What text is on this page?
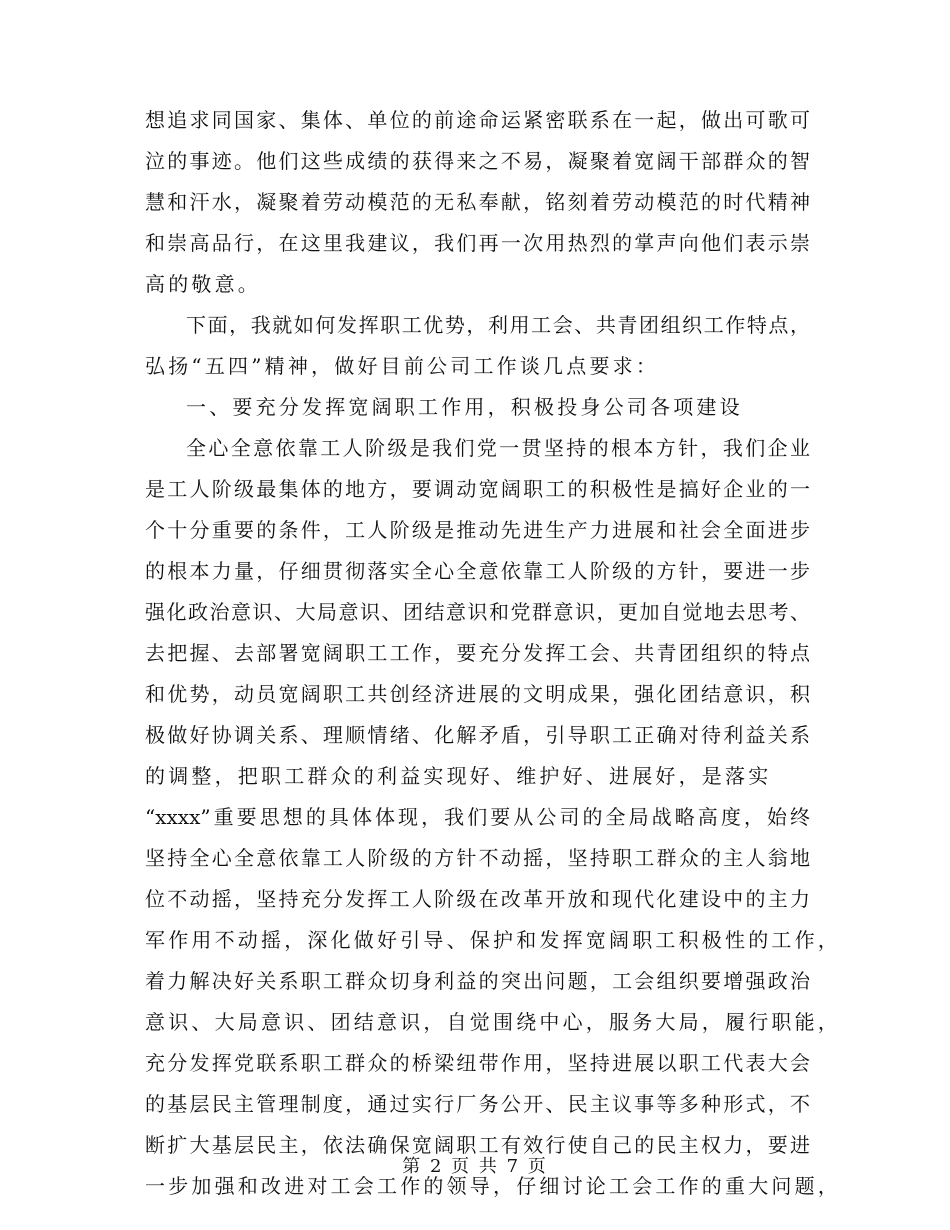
想追求同国家、集体、单位的前途命运紧密联系在一起，做出可歌可
泣的事迹。他们这些成绩的获得来之不易，凝聚着宽阔干部群众的智
慧和汗水，凝聚着劳动模范的无私奉献，铭刻着劳动模范的时代精神
和崇高品行，在这里我建议，我们再一次用热烈的掌声向他们表示崇
高的敬意。
下面，我就如何发挥职工优势，利用工会、共青团组织工作特点，
弘扬“五四”精神，做好目前公司工作谈几点要求：
一、要充分发挥宽阔职工作用，积极投身公司各项建设
全心全意依靠工人阶级是我们党一贯坚持的根本方针，我们企业
是工人阶级最集体的地方，要调动宽阔职工的积极性是搞好企业的一
个十分重要的条件，工人阶级是推动先进生产力进展和社会全面进步
的根本力量，仔细贯彻落实全心全意依靠工人阶级的方针，要进一步
强化政治意识、大局意识、团结意识和党群意识，更加自觉地去思考、
去把握、去部署宽阔职工工作，要充分发挥工会、共青团组织的特点
和优势，动员宽阔职工共创经济进展的文明成果，强化团结意识，积
极做好协调关系、理顺情绪、化解矛盾，引导职工正确对待利益关系
的调整，把职工群众的利益实现好、维护好、进展好，是落实
“xxxx”重要思想的具体体现，我们要从公司的全局战略高度，始终
坚持全心全意依靠工人阶级的方针不动摇，坚持职工群众的主人翁地
位不动摇，坚持充分发挥工人阶级在改革开放和现代化建设中的主力
军作用不动摇，深化做好引导、保护和发挥宽阔职工积极性的工作，
着力解决好关系职工群众切身利益的突出问题，工会组织要增强政治
意识、大局意识、团结意识，自觉围绕中心，服务大局，履行职能，
充分发挥党联系职工群众的桥梁纽带作用，坚持进展以职工代表大会
的基层民主管理制度，通过实行厂务公开、民主议事等多种形式，不
断扩大基层民主，依法确保宽阔职工有效行使自己的民主权力，要进
一步加强和改进对工会工作的领导，仔细讨论工会工作的重大问题，
第 2 页 共 7 页
